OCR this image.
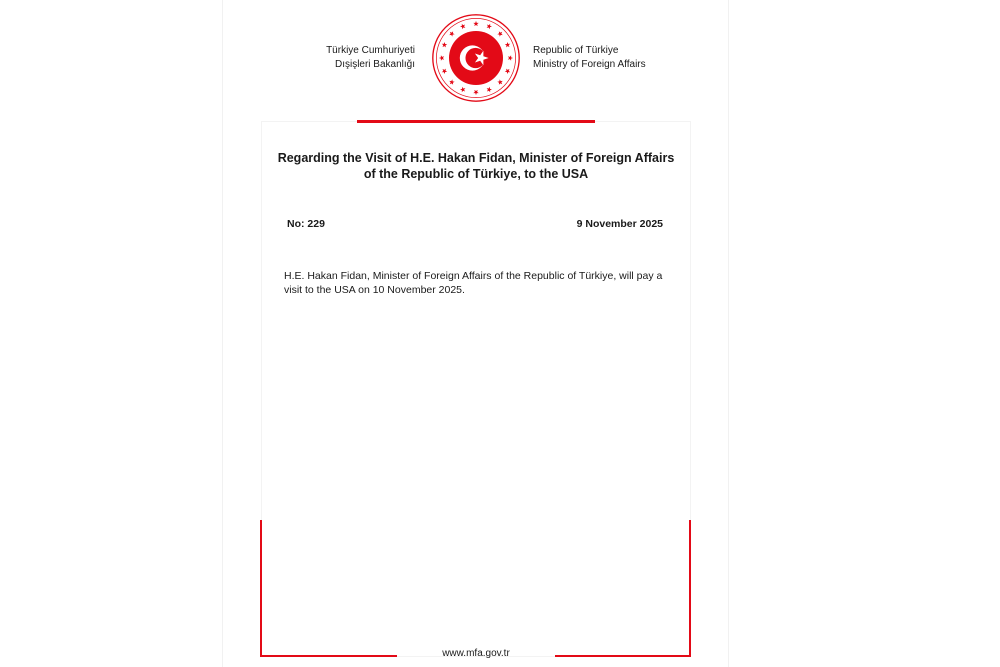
Türkiye Cumhuriyeti
Dışişleri Bakanlığı
Republic of Türkiye
Ministry of Foreign Affairs
Regarding the Visit of H.E. Hakan Fidan, Minister of Foreign Affairs
of the Republic of Türkiye, to the USA
No: 229	9 November 2025
H.E. Hakan Fidan, Minister of Foreign Affairs of the Republic of Türkiye, will pay a visit to the USA on 10 November 2025.
www.mfa.gov.tr
